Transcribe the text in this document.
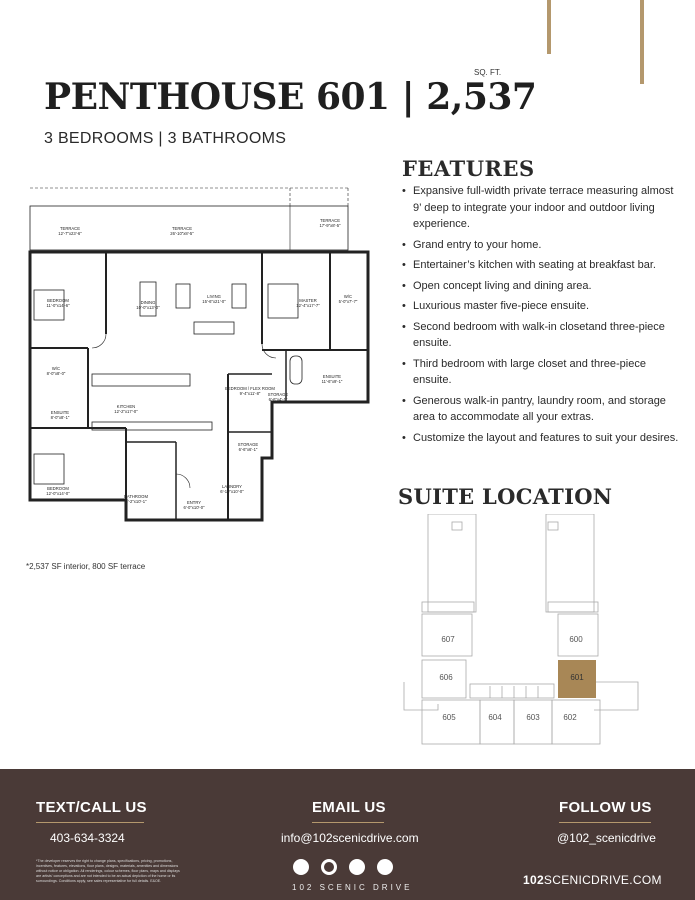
PENTHOUSE 601 | 2,537
SQ. FT.
3 BEDROOMS | 3 BATHROOMS
FEATURES
• Expansive full-width private terrace measuring almost 9’ deep to integrate your indoor and outdoor living experience.
• Grand entry to your home.
• Entertainer’s kitchen with seating at breakfast bar.
• Open concept living and dining area.
• Luxurious master five-piece ensuite.
• Second bedroom with walk-in closetand three-piece ensuite.
• Third bedroom with large closet and three-piece ensuite.
• Generous walk-in pantry, laundry room, and storage area to accommodate all your extras.
• Customize the layout and features to suit your desires.
TERRACE
12'-7"x23'-6"
TERRACE
26'-10"x8'-5"
TERRACE
17'-9"x8'-5"
BEDROOM
11'-0"x14'-6"
DINING
10'-0"x13'-0"
LIVING
15'-6"x21'-0"	MASTER
12'-4"x17'-7"
W/C
5'-0"x7'-7"
W/C
8'-0"x8'-0"
ENSUITE
11'-6"x9'-1"
ENSUITE
8'-0"x8'-1"
KITCHEN
12'-2"x17'-0"
BEDROOM / FLEX ROOM
9'-4"x11'-8" STORAGE
6'-6"x4'-1"
STORAGE
6'-6"x6'-1"
BEDROOM
12'-0"x14'-0"
BATHROOM
8'-2"x10'-1"
LAUNDRY
6'-10"x10'-0"
ENTRY
6'-0"x10'-0"
*2,537 SF interior, 800 SF terrace
SUITE LOCATION
607	600
606	601
605	604	603	602
TEXT/CALL US
403-634-3324
EMAIL US
info@102scenicdrive.com
FOLLOW US
@102_scenicdrive
*The developer reserves the right to change plans, specifications, pricing, promotions, incentives, features, elevations, floor plans, designs, materials, amenities and dimensions without notice or obligation. All renderings, colour schemes, floor plans, maps and displays are artists' conceptions and are not intended to be an actual depiction of the home or its surroundings. Conditions apply, see sales representative for full details. E&OE.
102 SCENIC DRIVE
102SCENICDRIVE.COM
